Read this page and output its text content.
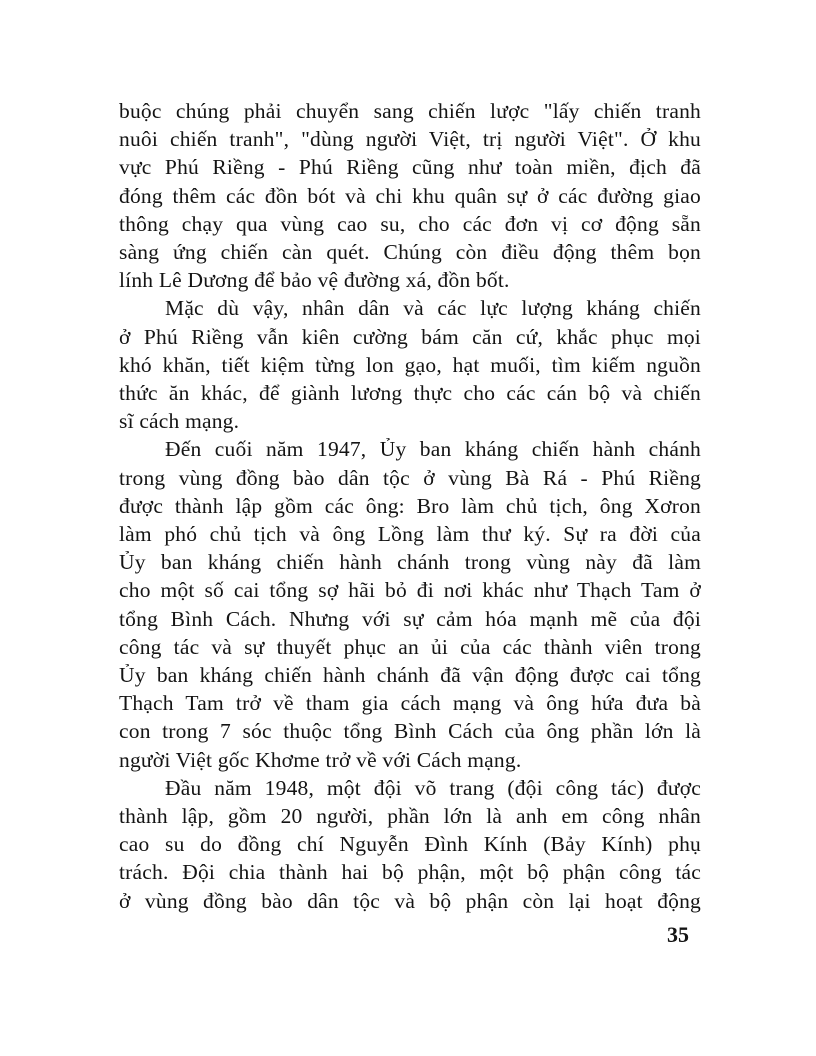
buộc chúng phải chuyển sang chiến lược "lấy chiến tranh
nuôi chiến tranh", "dùng người Việt, trị người Việt". Ở khu
vực Phú Riềng - Phú Riềng cũng như toàn miền, địch đã
đóng thêm các đồn bót và chi khu quân sự ở các đường giao
thông chạy qua vùng cao su, cho các đơn vị cơ động sẵn
sàng ứng chiến càn quét. Chúng còn điều động thêm bọn
lính Lê Dương để bảo vệ đường xá, đồn bốt.
Mặc dù vậy, nhân dân và các lực lượng kháng chiến
ở Phú Riềng vẫn kiên cường bám căn cứ, khắc phục mọi
khó khăn, tiết kiệm từng lon gạo, hạt muối, tìm kiếm nguồn
thức ăn khác, để giành lương thực cho các cán bộ và chiến
sĩ cách mạng.
Đến cuối năm 1947, Ủy ban kháng chiến hành chánh
trong vùng đồng bào dân tộc ở vùng Bà Rá - Phú Riềng
được thành lập gồm các ông: Bro làm chủ tịch, ông Xơron
làm phó chủ tịch và ông Lồng làm thư ký. Sự ra đời của
Ủy ban kháng chiến hành chánh trong vùng này đã làm
cho một số cai tổng sợ hãi bỏ đi nơi khác như Thạch Tam ở
tổng Bình Cách. Nhưng với sự cảm hóa mạnh mẽ của đội
công tác và sự thuyết phục an ủi của các thành viên trong
Ủy ban kháng chiến hành chánh đã vận động được cai tổng
Thạch Tam trở về tham gia cách mạng và ông hứa đưa bà
con trong 7 sóc thuộc tổng Bình Cách của ông phần lớn là
người Việt gốc Khơme trở về với Cách mạng.
Đầu năm 1948, một đội võ trang (đội công tác) được
thành lập, gồm 20 người, phần lớn là anh em công nhân
cao su do đồng chí Nguyễn Đình Kính (Bảy Kính) phụ
trách. Đội chia thành hai bộ phận, một bộ phận công tác
ở vùng đồng bào dân tộc và bộ phận còn lại hoạt động
35
